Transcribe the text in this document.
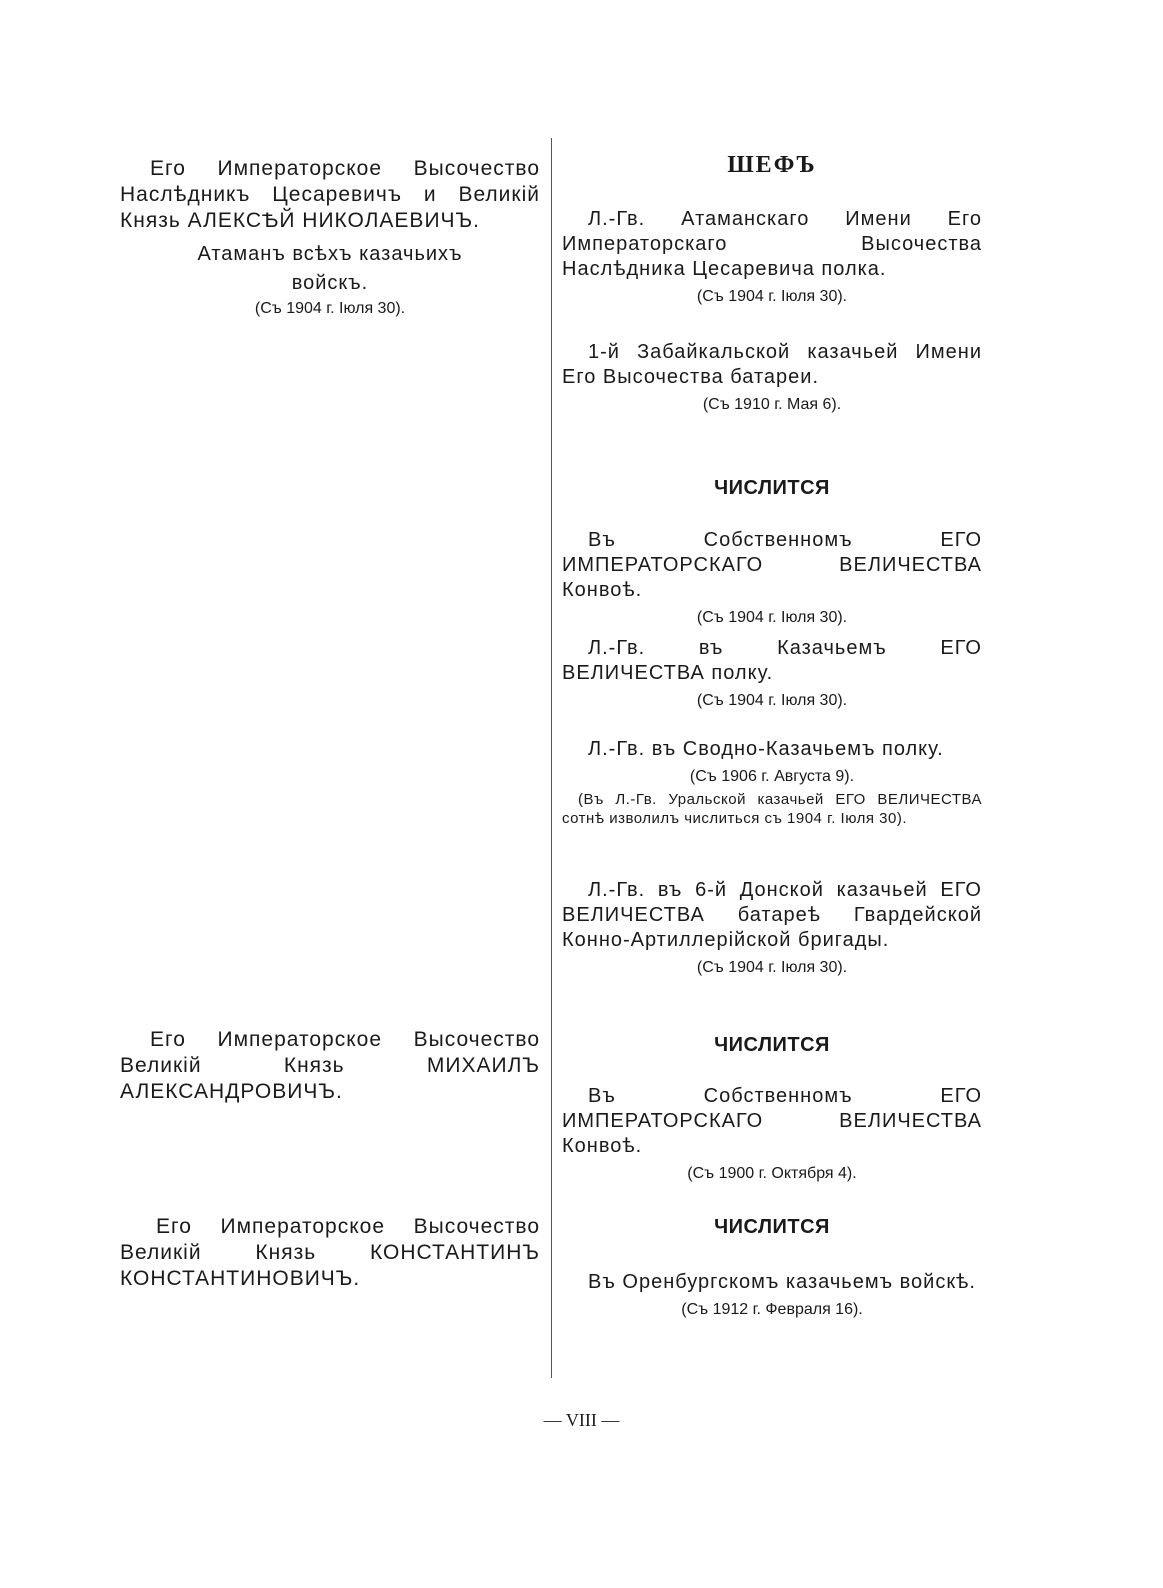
Его Императорское Высочество Наслѣдникъ Цесаревичъ и Великій Князь АЛЕКСѢЙ НИКОЛАЕВИЧЪ.

Атаманъ всѣхъ казачьихъ войскъ.

(Съ 1904 г. Іюля 30).

Его Императорское Высочество Великій Князь МИХАИЛЪ АЛЕКСАНДРОВИЧЪ.

Его Императорское Высочество Великій Князь КОНСТАНТИНЪ КОНСТАНТИНОВИЧЪ.

ШЕФЪ

Л.-Гв. Атаманскаго Имени Его Императорскаго Высочества Наслѣдника Цесаревича полка.

(Съ 1904 г. Іюля 30).

1-й Забайкальской казачьей Имени Его Высочества батареи.

(Съ 1910 г. Мая 6).

ЧИСЛИТСЯ

Въ Собственномъ ЕГО ИМПЕРАТОРСКАГО ВЕЛИЧЕСТВА Конвоѣ.

(Съ 1904 г. Іюля 30).

Л.-Гв. въ Казачьемъ ЕГО ВЕЛИЧЕСТВА полку.

(Съ 1904 г. Іюля 30).

Л.-Гв. въ Сводно-Казачьемъ полку.

(Съ 1906 г. Августа 9).

(Въ Л.-Гв. Уральской казачьей ЕГО ВЕЛИЧЕСТВА сотнѣ изволилъ числиться съ 1904 г. Іюля 30).

Л.-Гв. въ 6-й Донской казачьей ЕГО ВЕЛИЧЕСТВА батареѣ Гвардейской Конно-Артиллерійской бригады.

(Съ 1904 г. Іюля 30).

ЧИСЛИТСЯ

Въ Собственномъ ЕГО ИМПЕРАТОРСКАГО ВЕЛИЧЕСТВА Конвоѣ.

(Съ 1900 г. Октября 4).

ЧИСЛИТСЯ

Въ Оренбургскомъ казачьемъ войскѣ.

(Съ 1912 г. Февраля 16).

— VIII —
